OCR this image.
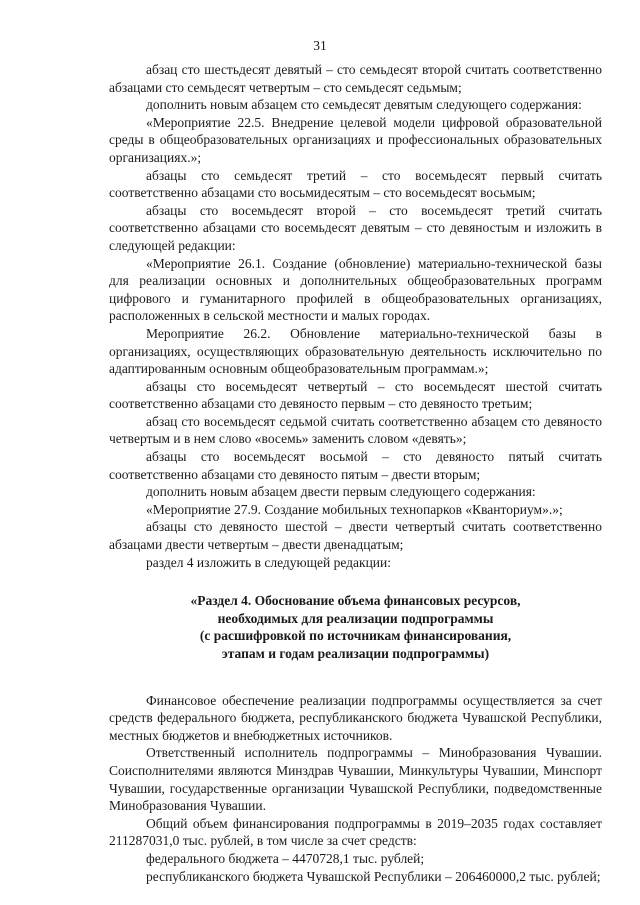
31

абзац сто шестьдесят девятый – сто семьдесят второй считать соответственно абзацами сто семьдесят четвертым – сто семьдесят седьмым;

дополнить новым абзацем сто семьдесят девятым следующего содержания:

«Мероприятие 22.5. Внедрение целевой модели цифровой образовательной среды в общеобразовательных организациях и профессиональных образовательных организациях.»;

абзацы сто семьдесят третий – сто восемьдесят первый считать соответственно абзацами сто восьмидесятым – сто восемьдесят восьмым;

абзацы сто восемьдесят второй – сто восемьдесят третий считать соответственно абзацами сто восемьдесят девятым – сто девяностым и изложить в следующей редакции:

«Мероприятие 26.1. Создание (обновление) материально-технической базы для реализации основных и дополнительных общеобразовательных программ цифрового и гуманитарного профилей в общеобразовательных организациях, расположенных в сельской местности и малых городах.

Мероприятие 26.2. Обновление материально-технической базы в организациях, осуществляющих образовательную деятельность исключительно по адаптированным основным общеобразовательным программам.»;

абзацы сто восемьдесят четвертый – сто восемьдесят шестой считать соответственно абзацами сто девяносто первым – сто девяносто третьим;

абзац сто восемьдесят седьмой считать соответственно абзацем сто девяносто четвертым и в нем слово «восемь» заменить словом «девять»;

абзацы сто восемьдесят восьмой – сто девяносто пятый считать соответственно абзацами сто девяносто пятым – двести вторым;

дополнить новым абзацем двести первым следующего содержания:

«Мероприятие 27.9. Создание мобильных технопарков «Кванториум».»;

абзацы сто девяносто шестой – двести четвертый считать соответственно абзацами двести четвертым – двести двенадцатым;

раздел 4 изложить в следующей редакции:

«Раздел 4. Обоснование объема финансовых ресурсов,
необходимых для реализации подпрограммы
(с расшифровкой по источникам финансирования,
этапам и годам реализации подпрограммы)

Финансовое обеспечение реализации подпрограммы осуществляется за счет средств федерального бюджета, республиканского бюджета Чувашской Республики, местных бюджетов и внебюджетных источников.

Ответственный исполнитель подпрограммы – Минобразования Чувашии. Соисполнителями являются Минздрав Чувашии, Минкультуры Чувашии, Минспорт Чувашии, государственные организации Чувашской Республики, подведомственные Минобразования Чувашии.

Общий объем финансирования подпрограммы в 2019–2035 годах составляет 211287031,0 тыс. рублей, в том числе за счет средств:

федерального бюджета – 4470728,1 тыс. рублей;

республиканского бюджета Чувашской Республики – 206460000,2 тыс. рублей;
